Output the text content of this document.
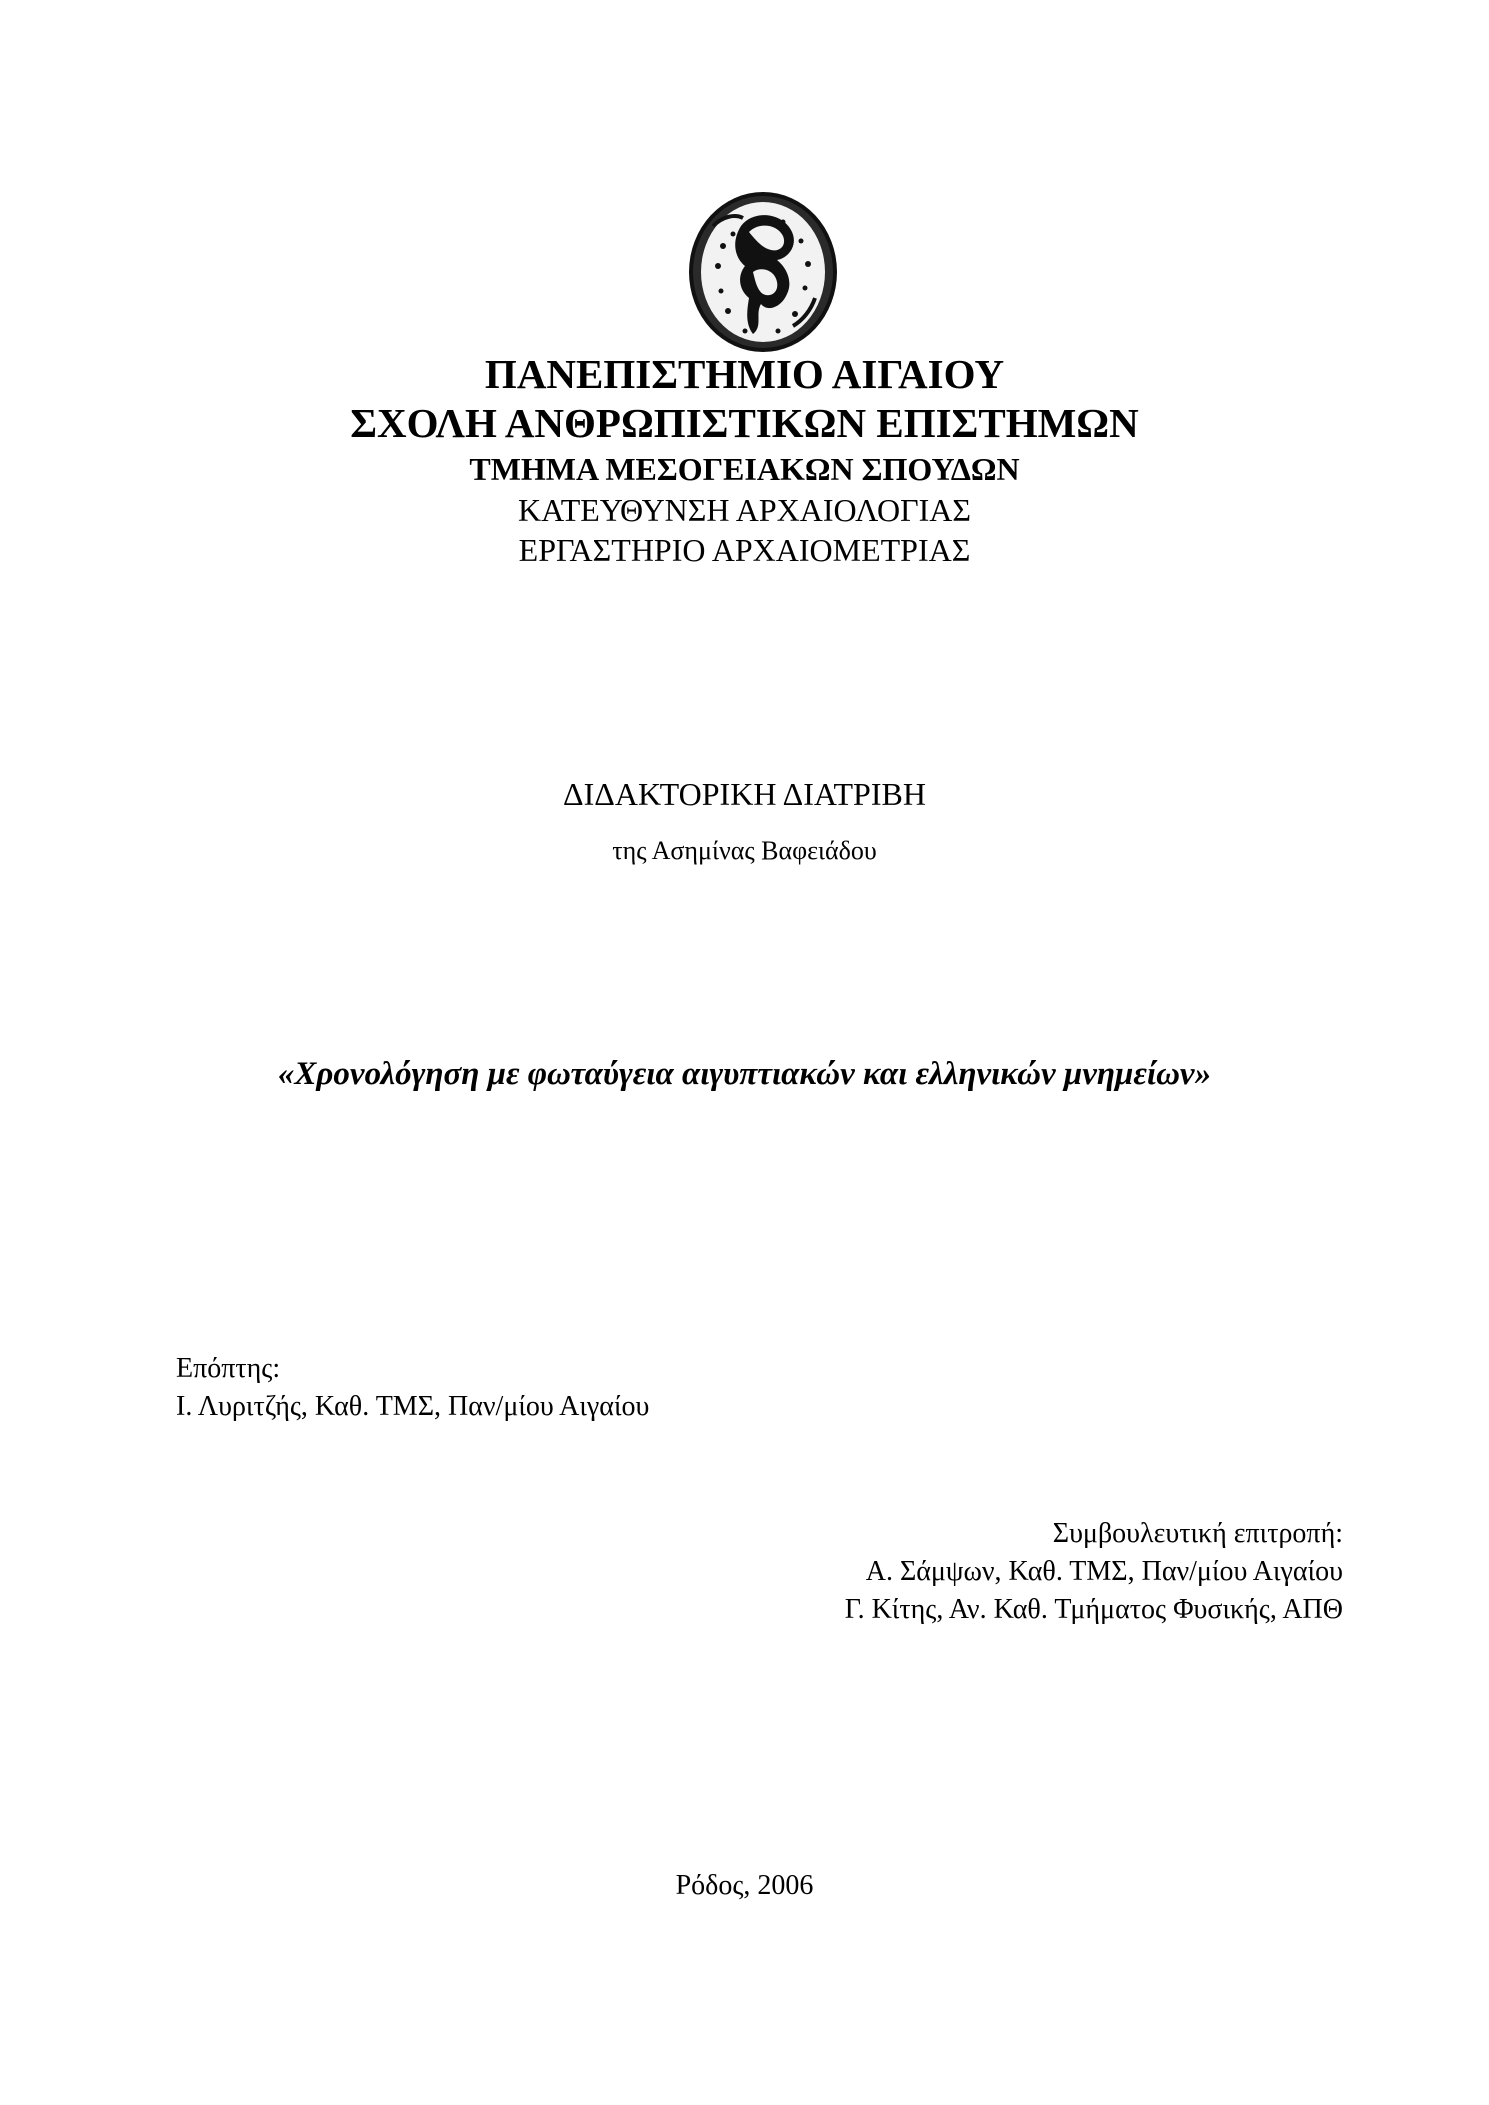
ΠΑΝΕΠΙΣΤΗΜΙΟ ΑΙΓΑΙΟΥ
ΣΧΟΛΗ ΑΝΘΡΩΠΙΣΤΙΚΩΝ ΕΠΙΣΤΗΜΩΝ
ΤΜΗΜΑ ΜΕΣΟΓΕΙΑΚΩΝ ΣΠΟΥΔΩΝ
ΚΑΤΕΥΘΥΝΣΗ ΑΡΧΑΙΟΛΟΓΙΑΣ
ΕΡΓΑΣΤΗΡΙΟ ΑΡΧΑΙΟΜΕΤΡΙΑΣ
ΔΙΔΑΚΤΟΡΙΚΗ ΔΙΑΤΡΙΒΗ
της Ασημίνας Βαφειάδου
«Χρονολόγηση με φωταύγεια αιγυπτιακών και ελληνικών μνημείων»
Επόπτης:
Ι. Λυριτζής, Καθ. ΤΜΣ, Παν/μίου Αιγαίου
Συμβουλευτική επιτροπή:
Α. Σάμψων, Καθ. ΤΜΣ, Παν/μίου Αιγαίου
Γ. Κίτης, Αν. Καθ. Τμήματος Φυσικής, ΑΠΘ
Ρόδος, 2006
